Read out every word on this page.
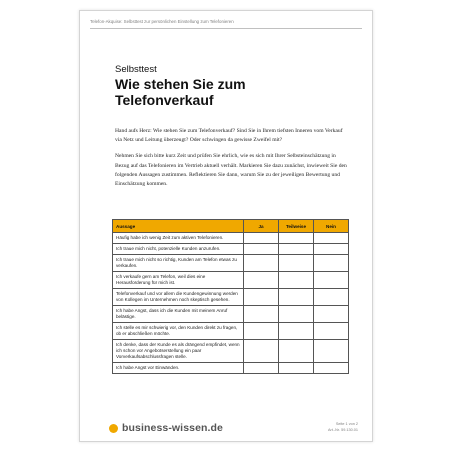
Telefon-Akquise: Selbsttest zur persönlichen Einstellung zum Telefonieren
Selbsttest
Wie stehen Sie zum
Telefonverkauf

Hand aufs Herz: Wie stehen Sie zum Telefonverkauf? Sind Sie in Ihrem tiefsten Inneren vom Verkauf via Netz und Leitung überzeugt? Oder schwingen da gewisse Zweifel mit?

Nehmen Sie sich bitte kurz Zeit und prüfen Sie ehrlich, wie es sich mit Ihrer Selbsteinschätzung in Bezug auf das Telefonieren im Vertrieb aktuell verhält. Markieren Sie dazu zunächst, inwieweit Sie den folgenden Aussagen zustimmen. Reflektieren Sie dann, warum Sie zu der jeweiligen Bewertung und Einschätzung kommen.

Aussage	Ja	Teilweise	Nein
Häufig habe ich wenig Zeit zum aktiven Telefonieren.			
Ich traue mich nicht, potenzielle Kunden anzurufen.			
Ich traue mich nicht so richtig, Kunden am Telefon etwas zu verkaufen.			
Ich verkaufe gern am Telefon, weil dies eine Herausforderung für mich ist.			
Telefonverkauf und vor allem die Kundengewinnung werden von Kollegen im Unternehmen noch skeptisch gesehen.			
Ich habe Angst, dass ich die Kunden mit meinem Anruf belästige.			
Ich stelle es mir schwierig vor, den Kunden direkt zu fragen, ob er abschließen möchte.			
Ich denke, dass der Kunde es als drängend empfindet, wenn ich schon vor Angebotserstellung ein paar Vorverkaufsabschlussfragen stelle.			
Ich habe Angst vor Einwänden.			
business-wissen.de	Seite 1 von 2
Art.-Nr. 59.130.01
